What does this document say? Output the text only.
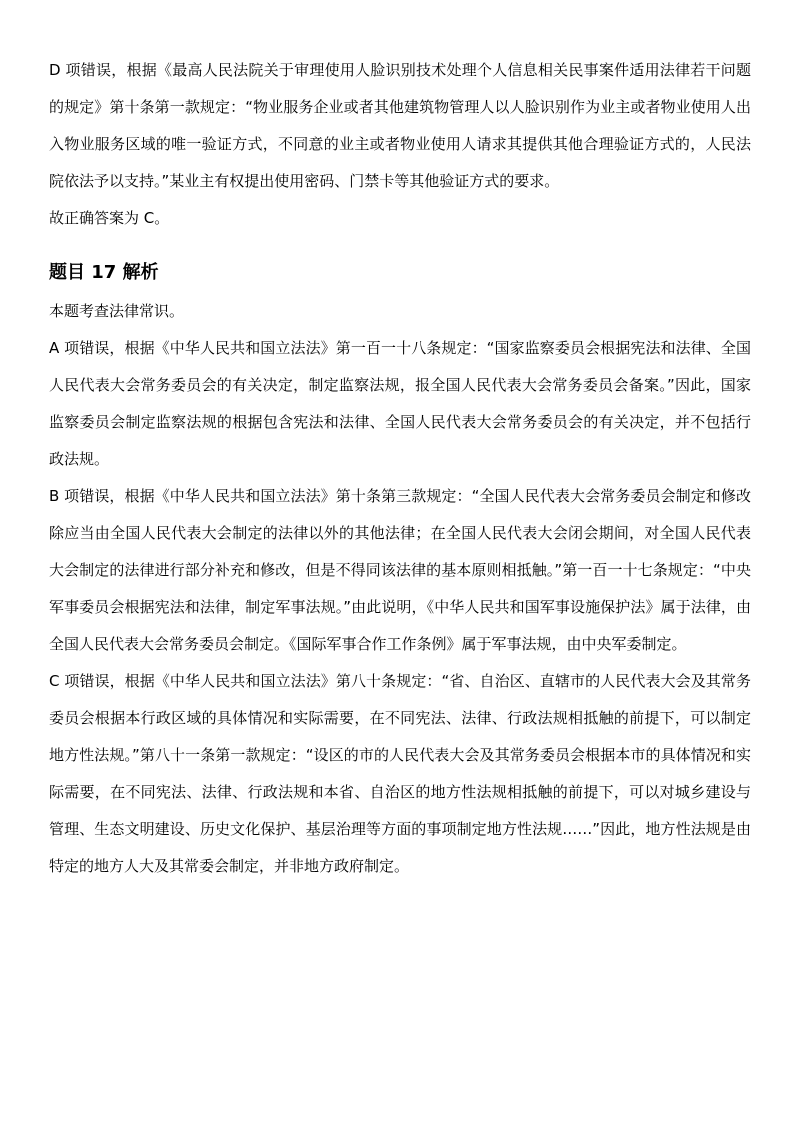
D 项错误，根据《最高人民法院关于审理使用人脸识别技术处理个人信息相关民事案件适用法律若干问题的规定》第十条第一款规定：“物业服务企业或者其他建筑物管理人以人脸识别作为业主或者物业使用人出入物业服务区域的唯一验证方式，不同意的业主或者物业使用人请求其提供其他合理验证方式的，人民法院依法予以支持。”某业主有权提出使用密码、门禁卡等其他验证方式的要求。

故正确答案为 C。

题目 17 解析

本题考查法律常识。

A 项错误，根据《中华人民共和国立法法》第一百一十八条规定：“国家监察委员会根据宪法和法律、全国人民代表大会常务委员会的有关决定，制定监察法规，报全国人民代表大会常务委员会备案。”因此，国家监察委员会制定监察法规的根据包含宪法和法律、全国人民代表大会常务委员会的有关决定，并不包括行政法规。

B 项错误，根据《中华人民共和国立法法》第十条第三款规定：“全国人民代表大会常务委员会制定和修改除应当由全国人民代表大会制定的法律以外的其他法律；在全国人民代表大会闭会期间，对全国人民代表大会制定的法律进行部分补充和修改，但是不得同该法律的基本原则相抵触。”第一百一十七条规定：“中央军事委员会根据宪法和法律，制定军事法规。”由此说明，《中华人民共和国军事设施保护法》属于法律，由全国人民代表大会常务委员会制定。《国际军事合作工作条例》属于军事法规，由中央军委制定。

C 项错误，根据《中华人民共和国立法法》第八十条规定：“省、自治区、直辖市的人民代表大会及其常务委员会根据本行政区域的具体情况和实际需要，在不同宪法、法律、行政法规相抵触的前提下，可以制定地方性法规。”第八十一条第一款规定：“设区的市的人民代表大会及其常务委员会根据本市的具体情况和实际需要，在不同宪法、法律、行政法规和本省、自治区的地方性法规相抵触的前提下，可以对城乡建设与管理、生态文明建设、历史文化保护、基层治理等方面的事项制定地方性法规……”因此，地方性法规是由特定的地方人大及其常委会制定，并非地方政府制定。
